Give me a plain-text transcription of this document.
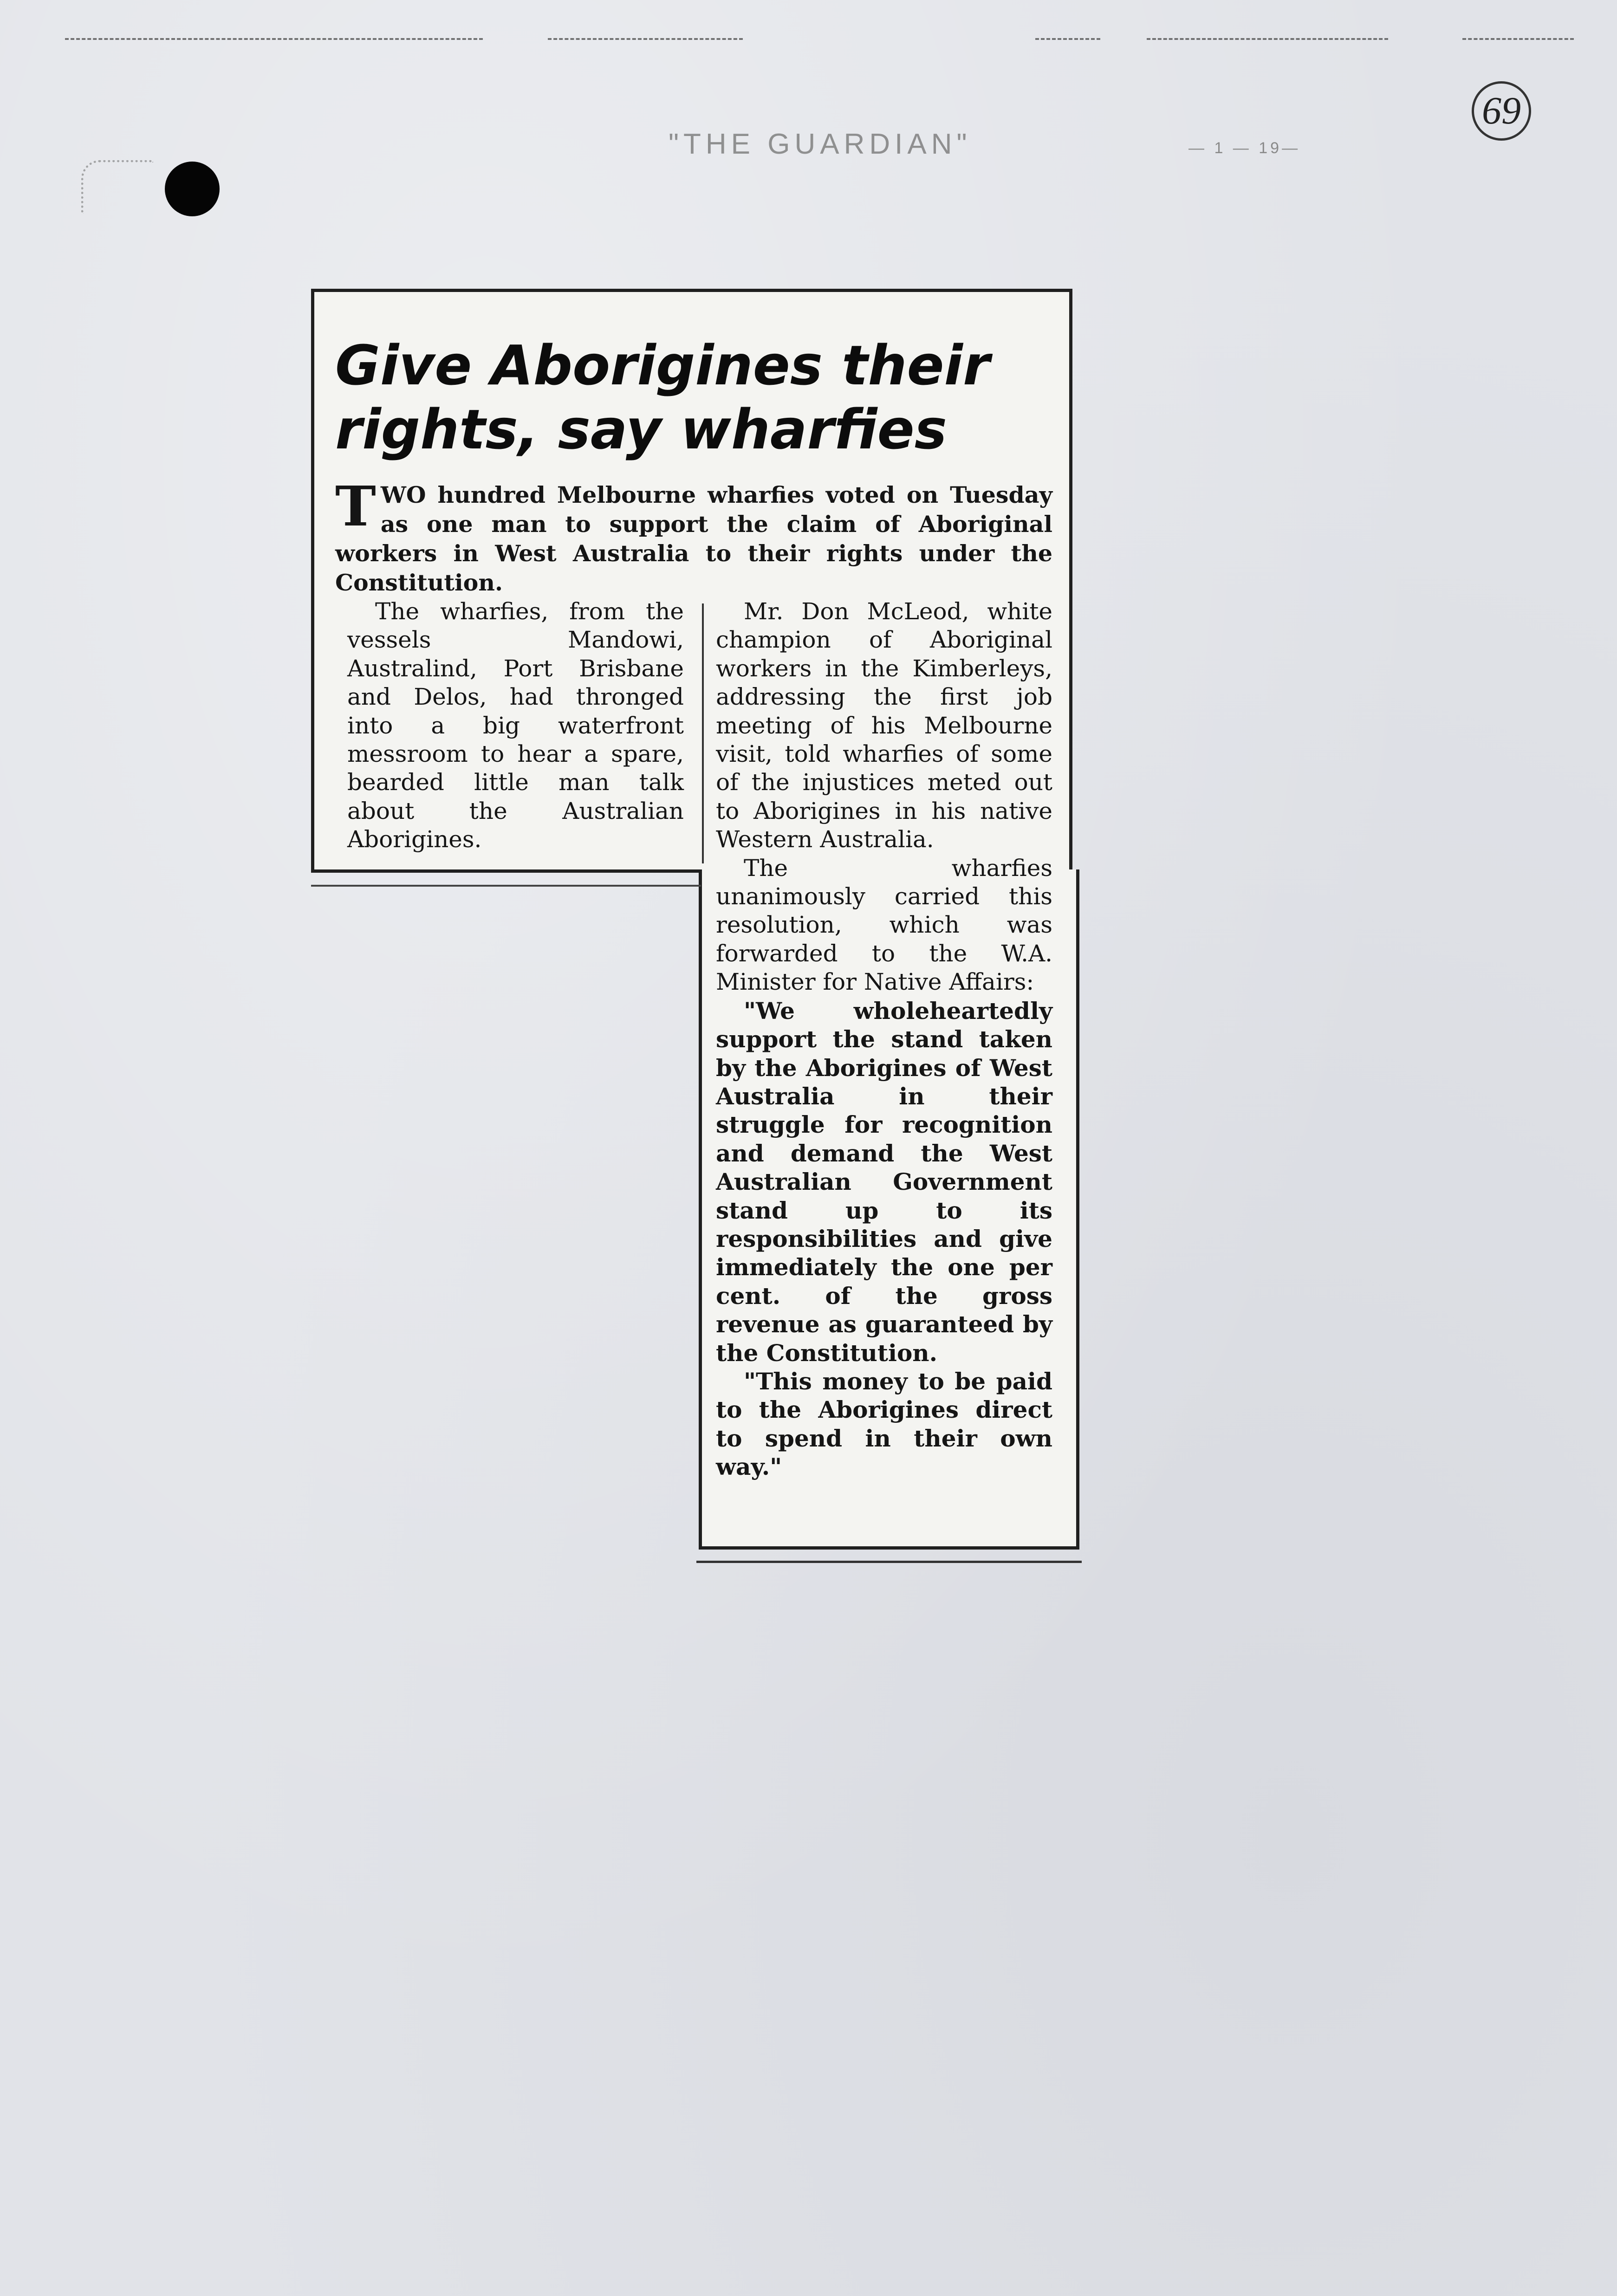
"THE GUARDIAN"	— 1 — 19—
69
Give Aborigines their rights, say wharfies

TWO hundred Melbourne wharfies voted on Tuesday as one man to support the claim of Aboriginal workers in West Australia to their rights under the Constitution.

The wharfies, from the vessels Mandowi, Australind, Port Brisbane and Delos, had thronged into a big waterfront messroom to hear a spare, bearded little man talk about the Australian Aborigines.

Mr. Don McLeod, white champion of Aboriginal workers in the Kimberleys, addressing the first job meeting of his Melbourne visit, told wharfies of some of the injustices meted out to Aborigines in his native Western Australia.

The wharfies unanimously carried this resolution, which was forwarded to the W.A. Minister for Native Affairs:

"We wholeheartedly support the stand taken by the Aborigines of West Australia in their struggle for recognition and demand the West Australian Government stand up to its responsibilities and give immediately the one per cent. of the gross revenue as guaranteed by the Constitution.

"This money to be paid to the Aborigines direct to spend in their own way."
